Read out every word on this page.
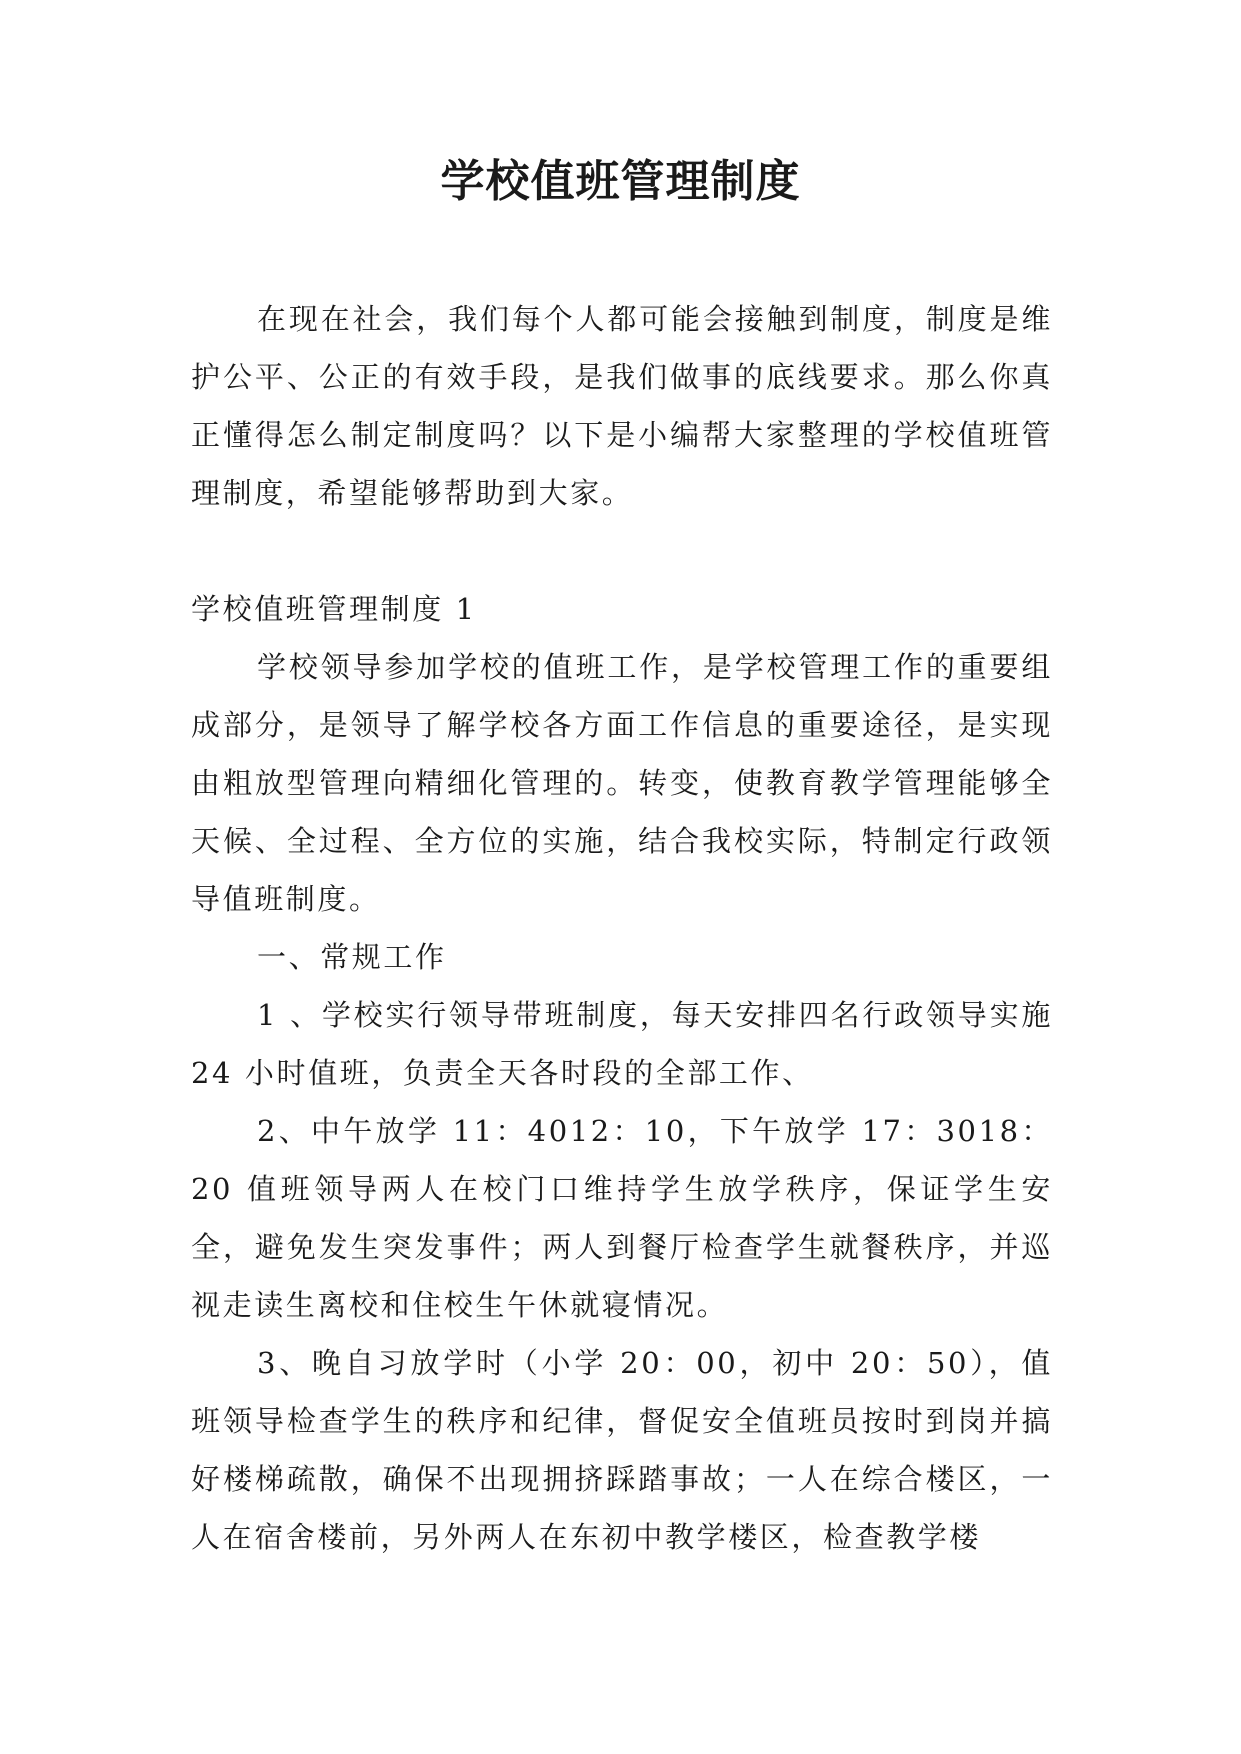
学校值班管理制度

在现在社会，我们每个人都可能会接触到制度，制度是维护公平、公正的有效手段，是我们做事的底线要求。那么你真正懂得怎么制定制度吗？以下是小编帮大家整理的学校值班管理制度，希望能够帮助到大家。

学校值班管理制度 1

学校领导参加学校的值班工作，是学校管理工作的重要组成部分，是领导了解学校各方面工作信息的重要途径，是实现由粗放型管理向精细化管理的。转变，使教育教学管理能够全天候、全过程、全方位的实施，结合我校实际，特制定行政领导值班制度。

一、常规工作

1 、学校实行领导带班制度，每天安排四名行政领导实施 24 小时值班，负责全天各时段的全部工作、

2、中午放学 11：4012：10，下午放学 17：3018：20 值班领导两人在校门口维持学生放学秩序，保证学生安全，避免发生突发事件；两人到餐厅检查学生就餐秩序，并巡视走读生离校和住校生午休就寝情况。

3、晚自习放学时（小学 20：00，初中 20：50），值班领导检查学生的秩序和纪律，督促安全值班员按时到岗并搞好楼梯疏散，确保不出现拥挤踩踏事故；一人在综合楼区，一人在宿舍楼前，另外两人在东初中教学楼区，检查教学楼
